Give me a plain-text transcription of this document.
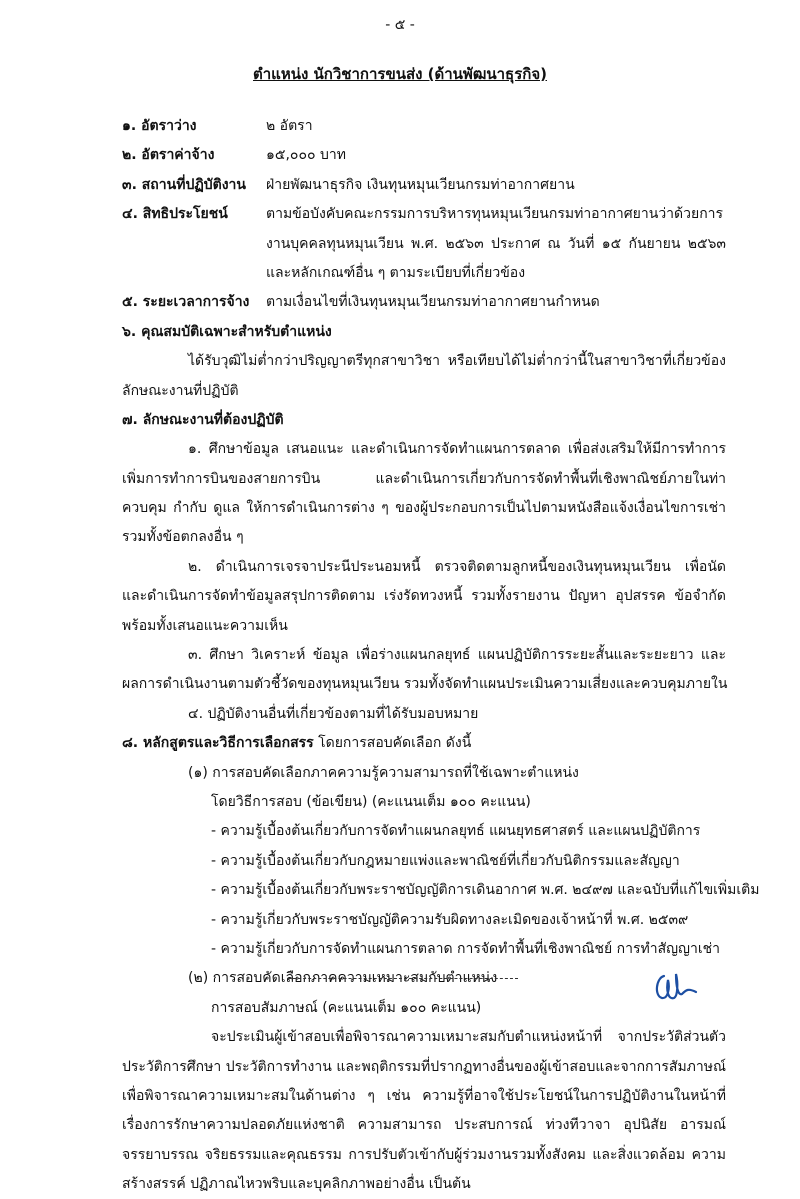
- ๕ -
ตำแหน่ง นักวิชาการขนส่ง (ด้านพัฒนาธุรกิจ)
๑. อัตราว่าง	๒ อัตรา
๒. อัตราค่าจ้าง	๑๕,๐๐๐ บาท
๓. สถานที่ปฏิบัติงาน	ฝ่ายพัฒนาธุรกิจ เงินทุนหมุนเวียนกรมท่าอากาศยาน
๔. สิทธิประโยชน์	ตามข้อบังคับคณะกรรมการบริหารทุนหมุนเวียนกรมท่าอากาศยานว่าด้วยการ
งานบุคคลทุนหมุนเวียน พ.ศ. ๒๕๖๓ ประกาศ ณ วันที่ ๑๕ กันยายน ๒๕๖๓
และหลักเกณฑ์อื่น ๆ ตามระเบียบที่เกี่ยวข้อง
๕. ระยะเวลาการจ้าง	ตามเงื่อนไขที่เงินทุนหมุนเวียนกรมท่าอากาศยานกำหนด
๖. คุณสมบัติเฉพาะสำหรับตำแหน่ง
ได้รับวุฒิไม่ต่ำกว่าปริญญาตรีทุกสาขาวิชา หรือเทียบได้ไม่ต่ำกว่านี้ในสาขาวิชาที่เกี่ยวข้อง
ลักษณะงานที่ปฏิบัติ
๗. ลักษณะงานที่ต้องปฏิบัติ
๑. ศึกษาข้อมูล เสนอแนะ และดำเนินการจัดทำแผนการตลาด เพื่อส่งเสริมให้มีการทำการ
เพิ่มการทำการบินของสายการบิน และดำเนินการเกี่ยวกับการจัดทำพื้นที่เชิงพาณิชย์ภายในท่า
ควบคุม กำกับ ดูแล ให้การดำเนินการต่าง ๆ ของผู้ประกอบการเป็นไปตามหนังสือแจ้งเงื่อนไขการเช่า
รวมทั้งข้อตกลงอื่น ๆ
๒. ดำเนินการเจรจาประนีประนอมหนี้ ตรวจติดตามลูกหนี้ของเงินทุนหมุนเวียน เพื่อนัด
และดำเนินการจัดทำข้อมูลสรุปการติดตาม เร่งรัดทวงหนี้ รวมทั้งรายงาน ปัญหา อุปสรรค ข้อจำกัด
พร้อมทั้งเสนอแนะความเห็น
๓. ศึกษา วิเคราะห์ ข้อมูล เพื่อร่างแผนกลยุทธ์ แผนปฏิบัติการระยะสั้นและระยะยาว และ
ผลการดำเนินงานตามตัวชี้วัดของทุนหมุนเวียน รวมทั้งจัดทำแผนประเมินความเสี่ยงและควบคุมภายใน
๔. ปฏิบัติงานอื่นที่เกี่ยวข้องตามที่ได้รับมอบหมาย
๘. หลักสูตรและวิธีการเลือกสรร โดยการสอบคัดเลือก ดังนี้
(๑) การสอบคัดเลือกภาคความรู้ความสามารถที่ใช้เฉพาะตำแหน่ง
โดยวิธีการสอบ (ข้อเขียน) (คะแนนเต็ม ๑๐๐ คะแนน)
- ความรู้เบื้องต้นเกี่ยวกับการจัดทำแผนกลยุทธ์ แผนยุทธศาสตร์ และแผนปฏิบัติการ
- ความรู้เบื้องต้นเกี่ยวกับกฎหมายแพ่งและพาณิชย์ที่เกี่ยวกับนิติกรรมและสัญญา
- ความรู้เบื้องต้นเกี่ยวกับพระราชบัญญัติการเดินอากาศ พ.ศ. ๒๔๙๗ และฉบับที่แก้ไขเพิ่มเติม
- ความรู้เกี่ยวกับพระราชบัญญัติความรับผิดทางละเมิดของเจ้าหน้าที่ พ.ศ. ๒๕๓๙
- ความรู้เกี่ยวกับการจัดทำแผนการตลาด การจัดทำพื้นที่เชิงพาณิชย์ การทำสัญญาเช่า
(๒) การสอบคัดเลือกภาคความเหมาะสมกับตำแหน่ง
การสอบสัมภาษณ์ (คะแนนเต็ม ๑๐๐ คะแนน)
จะประเมินผู้เข้าสอบเพื่อพิจารณาความเหมาะสมกับตำแหน่งหน้าที่ จากประวัติส่วนตัว
ประวัติการศึกษา ประวัติการทำงาน และพฤติกรรมที่ปรากฏทางอื่นของผู้เข้าสอบและจากการสัมภาษณ์
เพื่อพิจารณาความเหมาะสมในด้านต่าง ๆ เช่น ความรู้ที่อาจใช้ประโยชน์ในการปฏิบัติงานในหน้าที่
เรื่องการรักษาความปลอดภัยแห่งชาติ ความสามารถ ประสบการณ์ ท่วงทีวาจา อุปนิสัย อารมณ์
จรรยาบรรณ จริยธรรมและคุณธรรม การปรับตัวเข้ากับผู้ร่วมงานรวมทั้งสังคม และสิ่งแวดล้อม ความ
สร้างสรรค์ ปฏิภาณไหวพริบและบุคลิกภาพอย่างอื่น เป็นต้น
